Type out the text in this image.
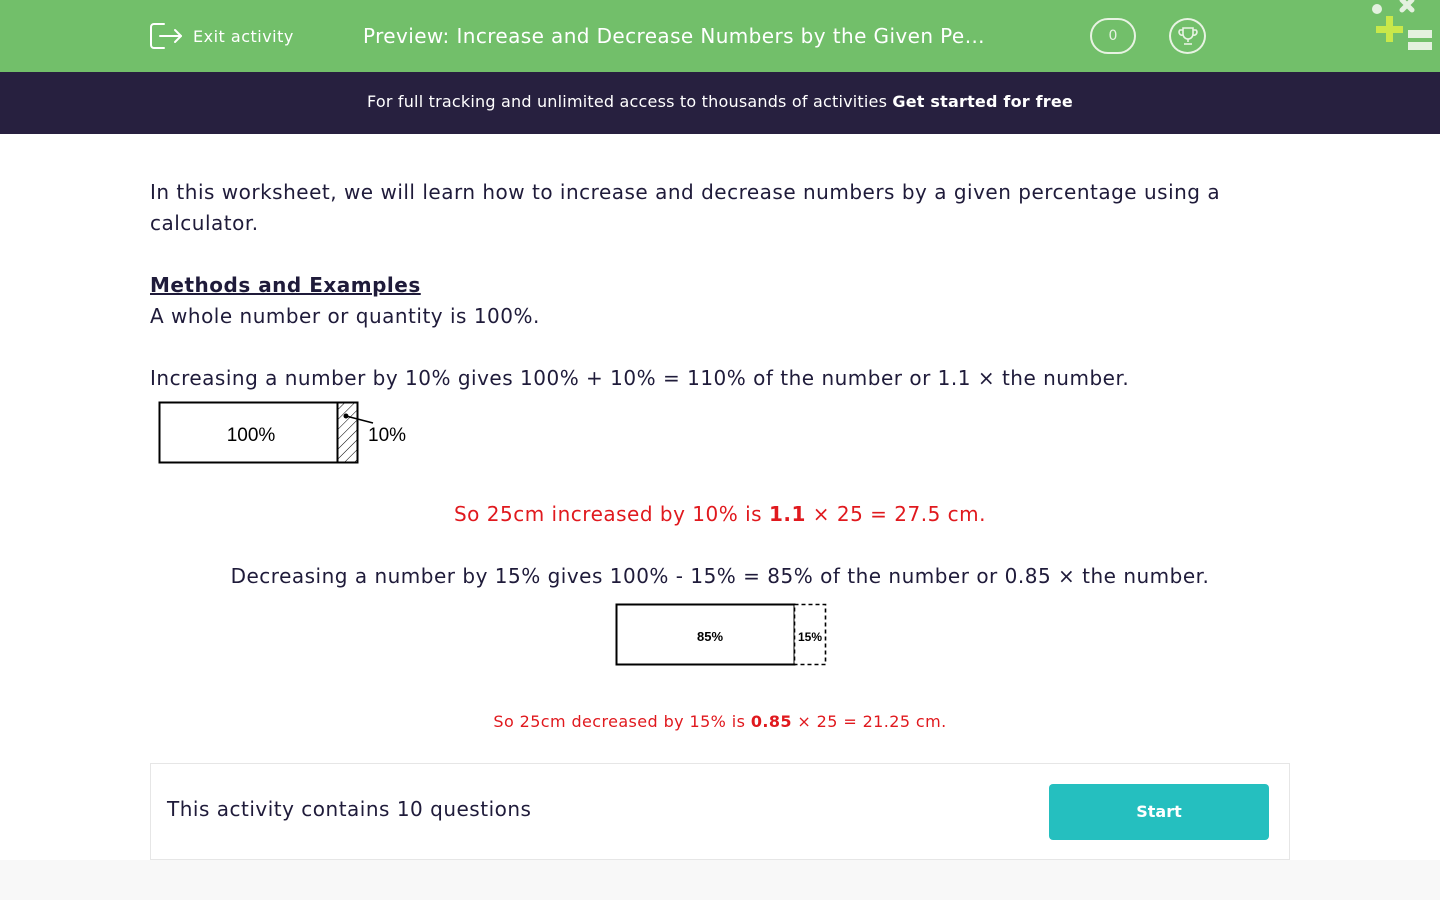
Exit activity	Preview: Increase and Decrease Numbers by the Given Pe…	0
For full tracking and unlimited access to thousands of activities Get started for free
In this worksheet, we will learn how to increase and decrease numbers by a given percentage using a calculator.
Methods and Examples
A whole number or quantity is 100%.
Increasing a number by 10% gives 100% + 10% = 110% of the number or 1.1 × the number.
100%	10%
So 25cm increased by 10% is 1.1 × 25 = 27.5 cm.
Decreasing a number by 15% gives 100% - 15% = 85% of the number or 0.85 × the number.
85%	15%
So 25cm decreased by 15% is 0.85 × 25 = 21.25 cm.
This activity contains 10 questions	Start
